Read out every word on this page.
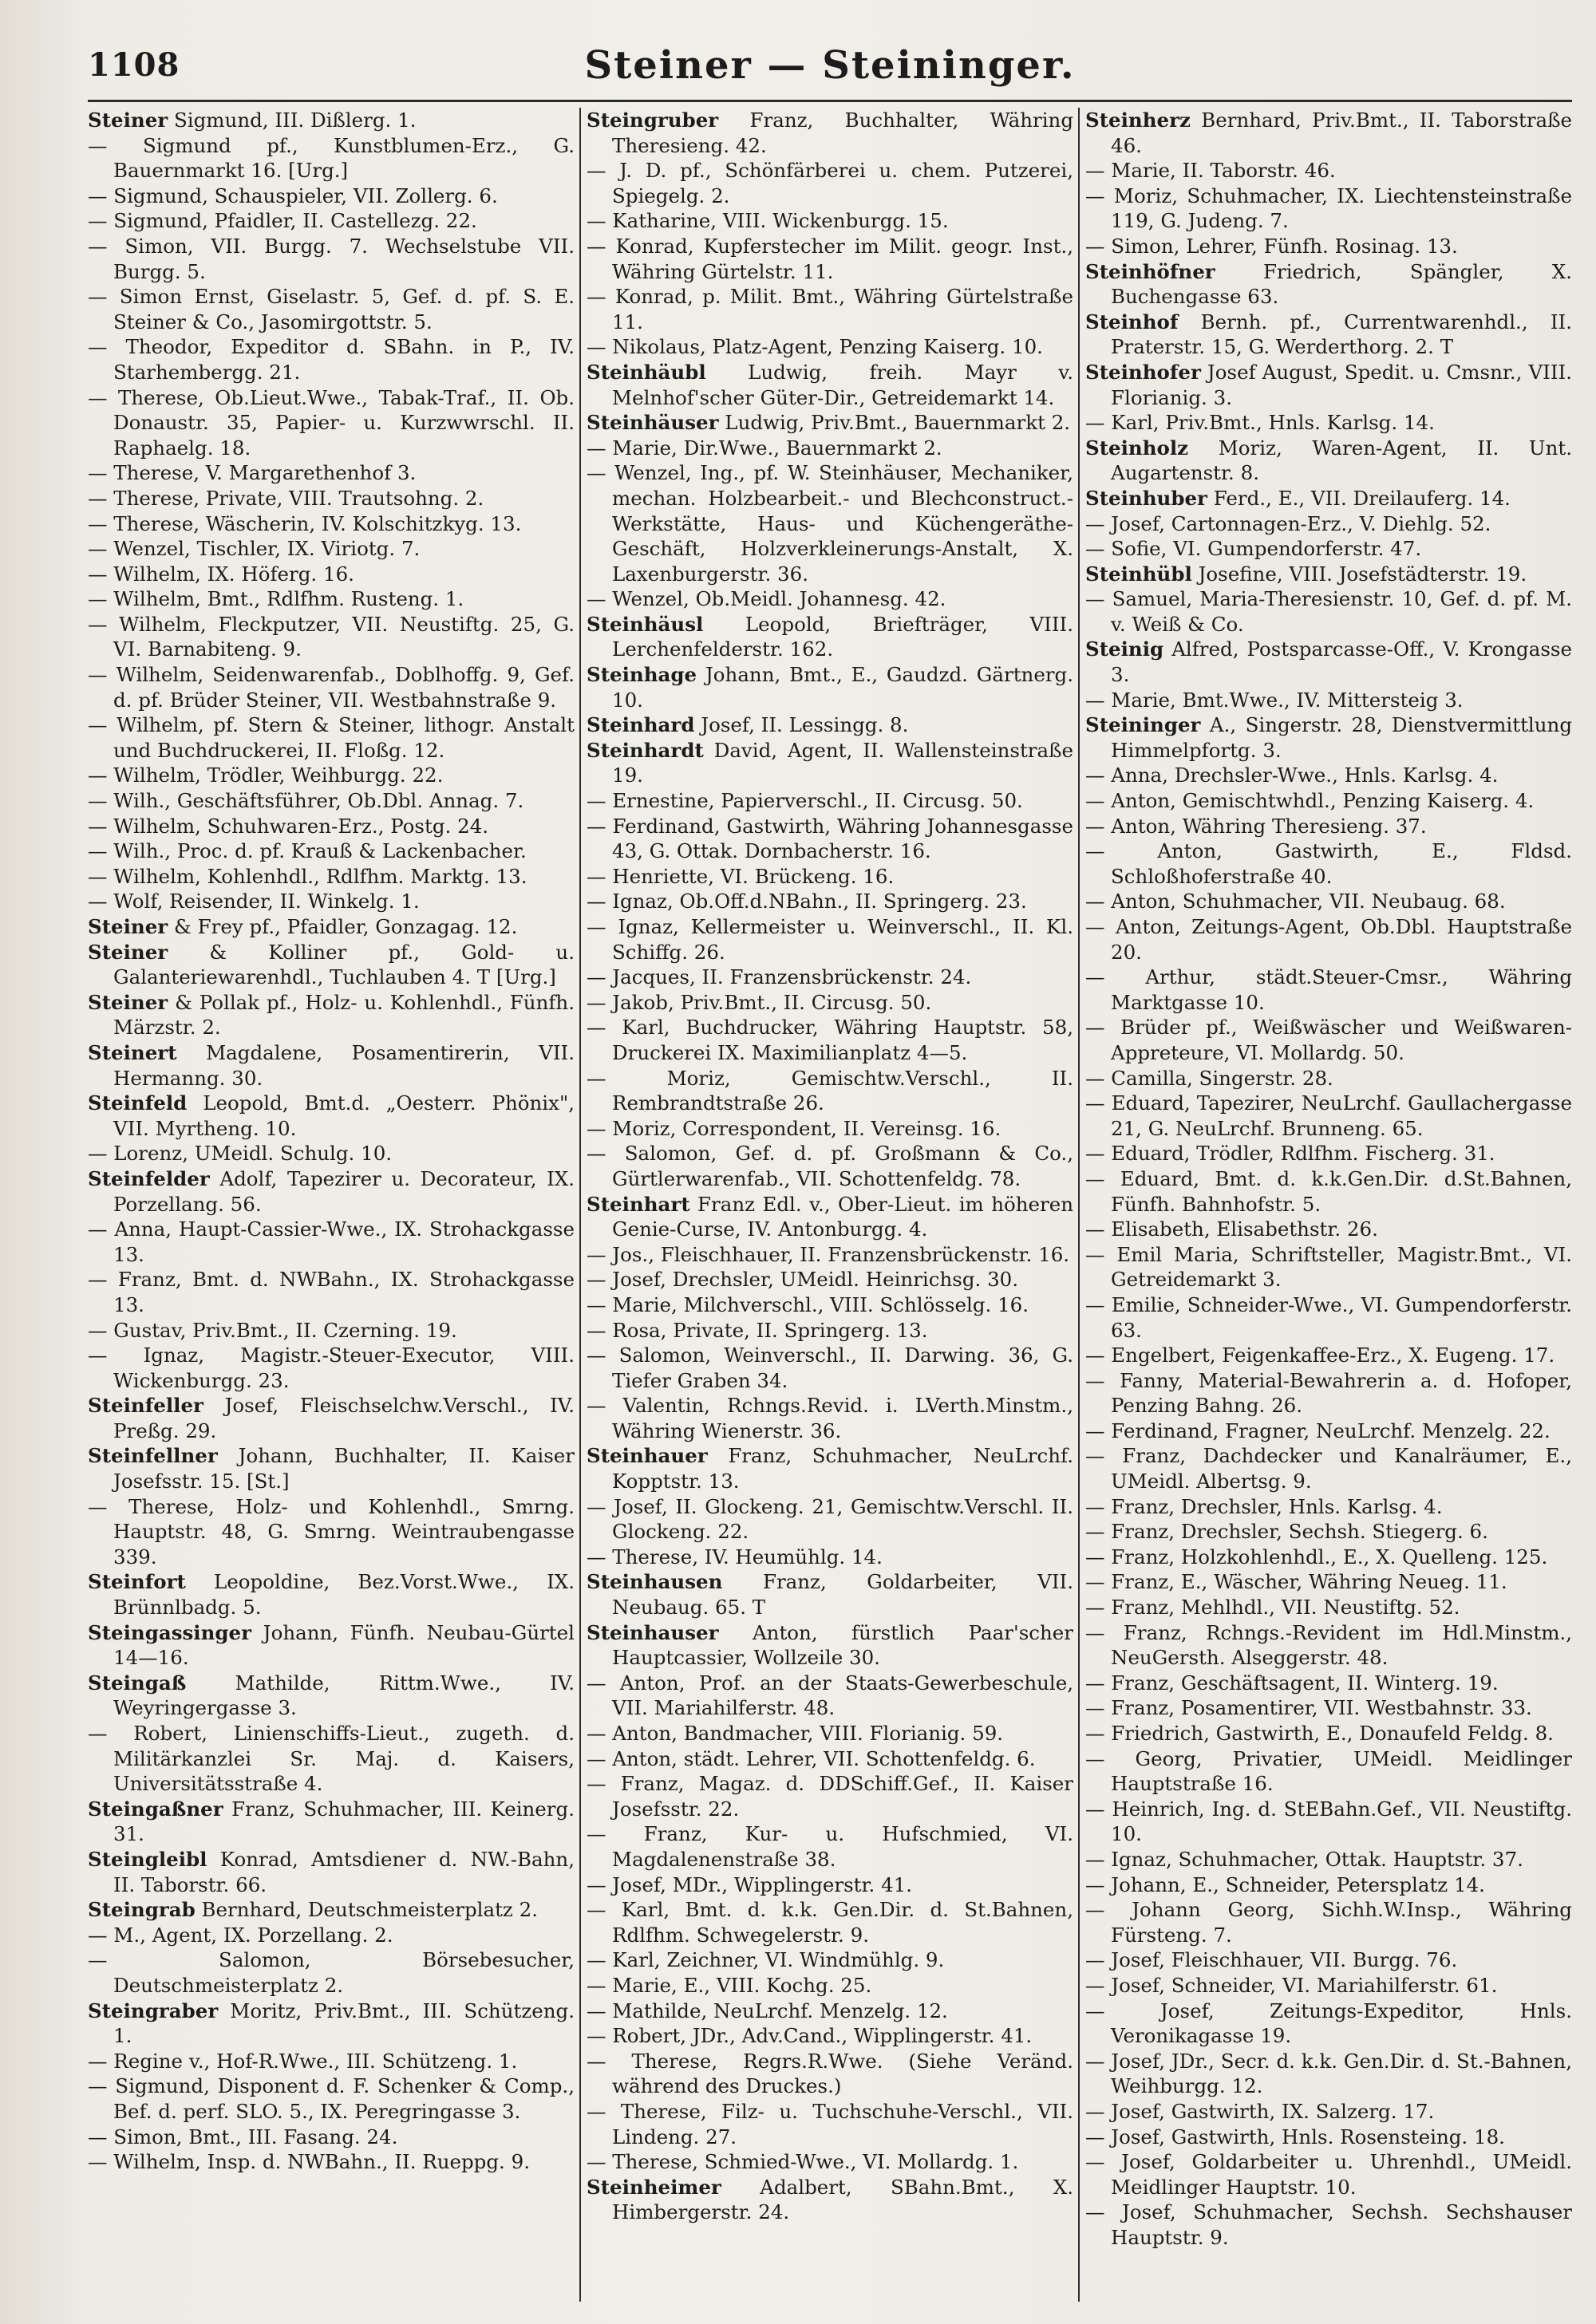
1108	Steiner — Steininger.
Steiner Sigmund, III. Dißlerg. 1.
— Sigmund pf., Kunstblumen-Erz., G. Bauernmarkt 16. [Urg.]
— Sigmund, Schauspieler, VII. Zollerg. 6.
— Sigmund, Pfaidler, II. Castellezg. 22.
— Simon, VII. Burgg. 7. Wechselstube VII. Burgg. 5.
— Simon Ernst, Giselastr. 5, Gef. d. pf. S. E. Steiner & Co., Jasomirgottstr. 5.
— Theodor, Expeditor d. SBahn. in P., IV. Starhembergg. 21.
— Therese, Ob.Lieut.Wwe., Tabak-Traf., II. Ob. Donaustr. 35, Papier- u. Kurzwwrschl. II. Raphaelg. 18.
— Therese, V. Margarethenhof 3.
— Therese, Private, VIII. Trautsohng. 2.
— Therese, Wäscherin, IV. Kolschitzkyg. 13.
— Wenzel, Tischler, IX. Viriotg. 7.
— Wilhelm, IX. Höferg. 16.
— Wilhelm, Bmt., Rdlfhm. Rusteng. 1.
— Wilhelm, Fleckputzer, VII. Neustiftg. 25, G. VI. Barnabiteng. 9.
— Wilhelm, Seidenwarenfab., Doblhoffg. 9, Gef. d. pf. Brüder Steiner, VII. Westbahnstraße 9.
— Wilhelm, pf. Stern & Steiner, lithogr. Anstalt und Buchdruckerei, II. Floßg. 12.
— Wilhelm, Trödler, Weihburgg. 22.
— Wilh., Geschäftsführer, Ob.Dbl. Annag. 7.
— Wilhelm, Schuhwaren-Erz., Postg. 24.
— Wilh., Proc. d. pf. Krauß & Lackenbacher.
— Wilhelm, Kohlenhdl., Rdlfhm. Marktg. 13.
— Wolf, Reisender, II. Winkelg. 1.
Steiner & Frey pf., Pfaidler, Gonzagag. 12.
Steiner & Kolliner pf., Gold- u. Galanteriewarenhdl., Tuchlauben 4. T [Urg.]
Steiner & Pollak pf., Holz- u. Kohlenhdl., Fünfh. Märzstr. 2.
Steinert Magdalene, Posamentirerin, VII. Hermanng. 30.
Steinfeld Leopold, Bmt.d. „Oesterr. Phönix", VII. Myrtheng. 10.
— Lorenz, UMeidl. Schulg. 10.
Steinfelder Adolf, Tapezirer u. Decorateur, IX. Porzellang. 56.
— Anna, Haupt-Cassier-Wwe., IX. Strohackgasse 13.
— Franz, Bmt. d. NWBahn., IX. Strohackgasse 13.
— Gustav, Priv.Bmt., II. Czerning. 19.
— Ignaz, Magistr.-Steuer-Executor, VIII. Wickenburgg. 23.
Steinfeller Josef, Fleischselchw.Verschl., IV. Preßg. 29.
Steinfellner Johann, Buchhalter, II. Kaiser Josefsstr. 15. [St.]
— Therese, Holz- und Kohlenhdl., Smrng. Hauptstr. 48, G. Smrng. Weintraubengasse 339.
Steinfort Leopoldine, Bez.Vorst.Wwe., IX. Brünnlbadg. 5.
Steingassinger Johann, Fünfh. Neubau-Gürtel 14—16.
Steingaß Mathilde, Rittm.Wwe., IV. Weyringergasse 3.
— Robert, Linienschiffs-Lieut., zugeth. d. Militärkanzlei Sr. Maj. d. Kaisers, Universitätsstraße 4.
Steingaßner Franz, Schuhmacher, III. Keinerg. 31.
Steingleibl Konrad, Amtsdiener d. NW.-Bahn, II. Taborstr. 66.
Steingrab Bernhard, Deutschmeisterplatz 2.
— M., Agent, IX. Porzellang. 2.
— Salomon, Börsebesucher, Deutschmeisterplatz 2.
Steingraber Moritz, Priv.Bmt., III. Schützeng. 1.
— Regine v., Hof-R.Wwe., III. Schützeng. 1.
— Sigmund, Disponent d. F. Schenker & Comp., Bef. d. perf. SLO. 5., IX. Peregringasse 3.
— Simon, Bmt., III. Fasang. 24.
— Wilhelm, Insp. d. NWBahn., II. Rueppg. 9.
Steingruber Franz, Buchhalter, Währing Theresieng. 42.
— J. D. pf., Schönfärberei u. chem. Putzerei, Spiegelg. 2.
— Katharine, VIII. Wickenburgg. 15.
— Konrad, Kupferstecher im Milit. geogr. Inst., Währing Gürtelstr. 11.
— Konrad, p. Milit. Bmt., Währing Gürtelstraße 11.
— Nikolaus, Platz-Agent, Penzing Kaiserg. 10.
Steinhäubl Ludwig, freih. Mayr v. Melnhof'scher Güter-Dir., Getreidemarkt 14.
Steinhäuser Ludwig, Priv.Bmt., Bauernmarkt 2.
— Marie, Dir.Wwe., Bauernmarkt 2.
— Wenzel, Ing., pf. W. Steinhäuser, Mechaniker, mechan. Holzbearbeit.- und Blechconstruct.-Werkstätte, Haus- und Küchengeräthe-Geschäft, Holzverkleinerungs-Anstalt, X. Laxenburgerstr. 36.
— Wenzel, Ob.Meidl. Johannesg. 42.
Steinhäusl Leopold, Briefträger, VIII. Lerchenfelderstr. 162.
Steinhage Johann, Bmt., E., Gaudzd. Gärtnerg. 10.
Steinhard Josef, II. Lessingg. 8.
Steinhardt David, Agent, II. Wallensteinstraße 19.
— Ernestine, Papierverschl., II. Circusg. 50.
— Ferdinand, Gastwirth, Währing Johannesgasse 43, G. Ottak. Dornbacherstr. 16.
— Henriette, VI. Brückeng. 16.
— Ignaz, Ob.Off.d.NBahn., II. Springerg. 23.
— Ignaz, Kellermeister u. Weinverschl., II. Kl. Schiffg. 26.
— Jacques, II. Franzensbrückenstr. 24.
— Jakob, Priv.Bmt., II. Circusg. 50.
— Karl, Buchdrucker, Währing Hauptstr. 58, Druckerei IX. Maximilianplatz 4—5.
— Moriz, Gemischtw.Verschl., II. Rembrandtstraße 26.
— Moriz, Correspondent, II. Vereinsg. 16.
— Salomon, Gef. d. pf. Großmann & Co., Gürtlerwarenfab., VII. Schottenfeldg. 78.
Steinhart Franz Edl. v., Ober-Lieut. im höheren Genie-Curse, IV. Antonburgg. 4.
— Jos., Fleischhauer, II. Franzensbrückenstr. 16.
— Josef, Drechsler, UMeidl. Heinrichsg. 30.
— Marie, Milchverschl., VIII. Schlösselg. 16.
— Rosa, Private, II. Springerg. 13.
— Salomon, Weinverschl., II. Darwing. 36, G. Tiefer Graben 34.
— Valentin, Rchngs.Revid. i. LVerth.Minstm., Währing Wienerstr. 36.
Steinhauer Franz, Schuhmacher, NeuLrchf. Kopptstr. 13.
— Josef, II. Glockeng. 21, Gemischtw.Verschl. II. Glockeng. 22.
— Therese, IV. Heumühlg. 14.
Steinhausen Franz, Goldarbeiter, VII. Neubaug. 65. T
Steinhauser Anton, fürstlich Paar'scher Hauptcassier, Wollzeile 30.
— Anton, Prof. an der Staats-Gewerbeschule, VII. Mariahilferstr. 48.
— Anton, Bandmacher, VIII. Florianig. 59.
— Anton, städt. Lehrer, VII. Schottenfeldg. 6.
— Franz, Magaz. d. DDSchiff.Gef., II. Kaiser Josefsstr. 22.
— Franz, Kur- u. Hufschmied, VI. Magdalenenstraße 38.
— Josef, MDr., Wipplingerstr. 41.
— Karl, Bmt. d. k.k. Gen.Dir. d. St.Bahnen, Rdlfhm. Schwegelerstr. 9.
— Karl, Zeichner, VI. Windmühlg. 9.
— Marie, E., VIII. Kochg. 25.
— Mathilde, NeuLrchf. Menzelg. 12.
— Robert, JDr., Adv.Cand., Wipplingerstr. 41.
— Therese, Regrs.R.Wwe. (Siehe Veränd. während des Druckes.)
— Therese, Filz- u. Tuchschuhe-Verschl., VII. Lindeng. 27.
— Therese, Schmied-Wwe., VI. Mollardg. 1.
Steinheimer Adalbert, SBahn.Bmt., X. Himbergerstr. 24.
Steinherz Bernhard, Priv.Bmt., II. Taborstraße 46.
— Marie, II. Taborstr. 46.
— Moriz, Schuhmacher, IX. Liechtensteinstraße 119, G. Judeng. 7.
— Simon, Lehrer, Fünfh. Rosinag. 13.
Steinhöfner Friedrich, Spängler, X. Buchengasse 63.
Steinhof Bernh. pf., Currentwarenhdl., II. Praterstr. 15, G. Werderthorg. 2. T
Steinhofer Josef August, Spedit. u. Cmsnr., VIII. Florianig. 3.
— Karl, Priv.Bmt., Hnls. Karlsg. 14.
Steinholz Moriz, Waren-Agent, II. Unt. Augartenstr. 8.
Steinhuber Ferd., E., VII. Dreilauferg. 14.
— Josef, Cartonnagen-Erz., V. Diehlg. 52.
— Sofie, VI. Gumpendorferstr. 47.
Steinhübl Josefine, VIII. Josefstädterstr. 19.
— Samuel, Maria-Theresienstr. 10, Gef. d. pf. M. v. Weiß & Co.
Steinig Alfred, Postsparcasse-Off., V. Krongasse 3.
— Marie, Bmt.Wwe., IV. Mittersteig 3.
Steininger A., Singerstr. 28, Dienstvermittlung Himmelpfortg. 3.
— Anna, Drechsler-Wwe., Hnls. Karlsg. 4.
— Anton, Gemischtwhdl., Penzing Kaiserg. 4.
— Anton, Währing Theresieng. 37.
— Anton, Gastwirth, E., Fldsd. Schloßhoferstraße 40.
— Anton, Schuhmacher, VII. Neubaug. 68.
— Anton, Zeitungs-Agent, Ob.Dbl. Hauptstraße 20.
— Arthur, städt.Steuer-Cmsr., Währing Marktgasse 10.
— Brüder pf., Weißwäscher und Weißwaren-Appreteure, VI. Mollardg. 50.
— Camilla, Singerstr. 28.
— Eduard, Tapezirer, NeuLrchf. Gaullachergasse 21, G. NeuLrchf. Brunneng. 65.
— Eduard, Trödler, Rdlfhm. Fischerg. 31.
— Eduard, Bmt. d. k.k.Gen.Dir. d.St.Bahnen, Fünfh. Bahnhofstr. 5.
— Elisabeth, Elisabethstr. 26.
— Emil Maria, Schriftsteller, Magistr.Bmt., VI. Getreidemarkt 3.
— Emilie, Schneider-Wwe., VI. Gumpendorferstr. 63.
— Engelbert, Feigenkaffee-Erz., X. Eugeng. 17.
— Fanny, Material-Bewahrerin a. d. Hofoper, Penzing Bahng. 26.
— Ferdinand, Fragner, NeuLrchf. Menzelg. 22.
— Franz, Dachdecker und Kanalräumer, E., UMeidl. Albertsg. 9.
— Franz, Drechsler, Hnls. Karlsg. 4.
— Franz, Drechsler, Sechsh. Stiegerg. 6.
— Franz, Holzkohlenhdl., E., X. Quelleng. 125.
— Franz, E., Wäscher, Währing Neueg. 11.
— Franz, Mehlhdl., VII. Neustiftg. 52.
— Franz, Rchngs.-Revident im Hdl.Minstm., NeuGersth. Alseggerstr. 48.
— Franz, Geschäftsagent, II. Winterg. 19.
— Franz, Posamentirer, VII. Westbahnstr. 33.
— Friedrich, Gastwirth, E., Donaufeld Feldg. 8.
— Georg, Privatier, UMeidl. Meidlinger Hauptstraße 16.
— Heinrich, Ing. d. StEBahn.Gef., VII. Neustiftg. 10.
— Ignaz, Schuhmacher, Ottak. Hauptstr. 37.
— Johann, E., Schneider, Petersplatz 14.
— Johann Georg, Sichh.W.Insp., Währing Fürsteng. 7.
— Josef, Fleischhauer, VII. Burgg. 76.
— Josef, Schneider, VI. Mariahilferstr. 61.
— Josef, Zeitungs-Expeditor, Hnls. Veronikagasse 19.
— Josef, JDr., Secr. d. k.k. Gen.Dir. d. St.-Bahnen, Weihburgg. 12.
— Josef, Gastwirth, IX. Salzerg. 17.
— Josef, Gastwirth, Hnls. Rosensteing. 18.
— Josef, Goldarbeiter u. Uhrenhdl., UMeidl. Meidlinger Hauptstr. 10.
— Josef, Schuhmacher, Sechsh. Sechshauser Hauptstr. 9.
